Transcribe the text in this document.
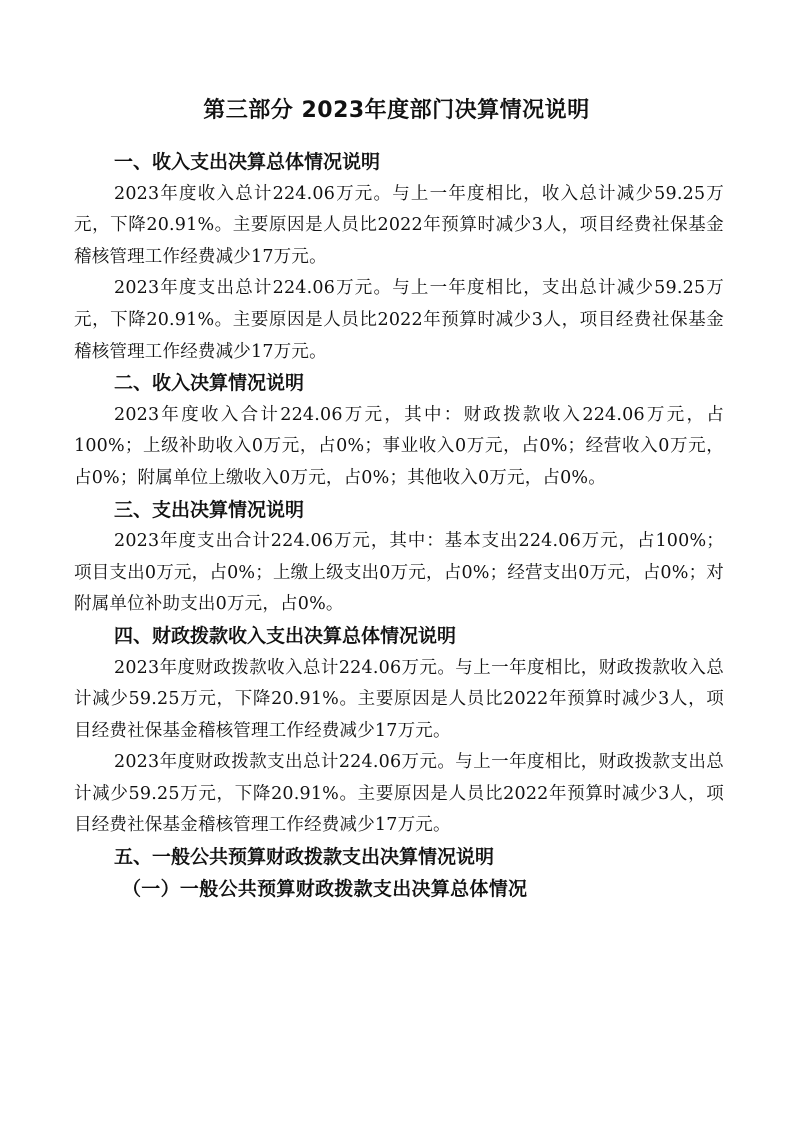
第三部分 2023年度部门决算情况说明
一、收入支出决算总体情况说明
2023年度收入总计224.06万元。与上一年度相比，收入总计减少59.25万元，下降20.91%。主要原因是人员比2022年预算时减少3人，项目经费社保基金稽核管理工作经费减少17万元。
2023年度支出总计224.06万元。与上一年度相比，支出总计减少59.25万元，下降20.91%。主要原因是人员比2022年预算时减少3人，项目经费社保基金稽核管理工作经费减少17万元。
二、收入决算情况说明
2023年度收入合计224.06万元，其中：财政拨款收入224.06万元，占100%；上级补助收入0万元，占0%；事业收入0万元，占0%；经营收入0万元，占0%；附属单位上缴收入0万元，占0%；其他收入0万元，占0%。
三、支出决算情况说明
2023年度支出合计224.06万元，其中：基本支出224.06万元，占100%；项目支出0万元，占0%；上缴上级支出0万元，占0%；经营支出0万元，占0%；对附属单位补助支出0万元，占0%。
四、财政拨款收入支出决算总体情况说明
2023年度财政拨款收入总计224.06万元。与上一年度相比，财政拨款收入总计减少59.25万元，下降20.91%。主要原因是人员比2022年预算时减少3人，项目经费社保基金稽核管理工作经费减少17万元。
2023年度财政拨款支出总计224.06万元。与上一年度相比，财政拨款支出总计减少59.25万元，下降20.91%。主要原因是人员比2022年预算时减少3人，项目经费社保基金稽核管理工作经费减少17万元。
五、一般公共预算财政拨款支出决算情况说明
（一）一般公共预算财政拨款支出决算总体情况
